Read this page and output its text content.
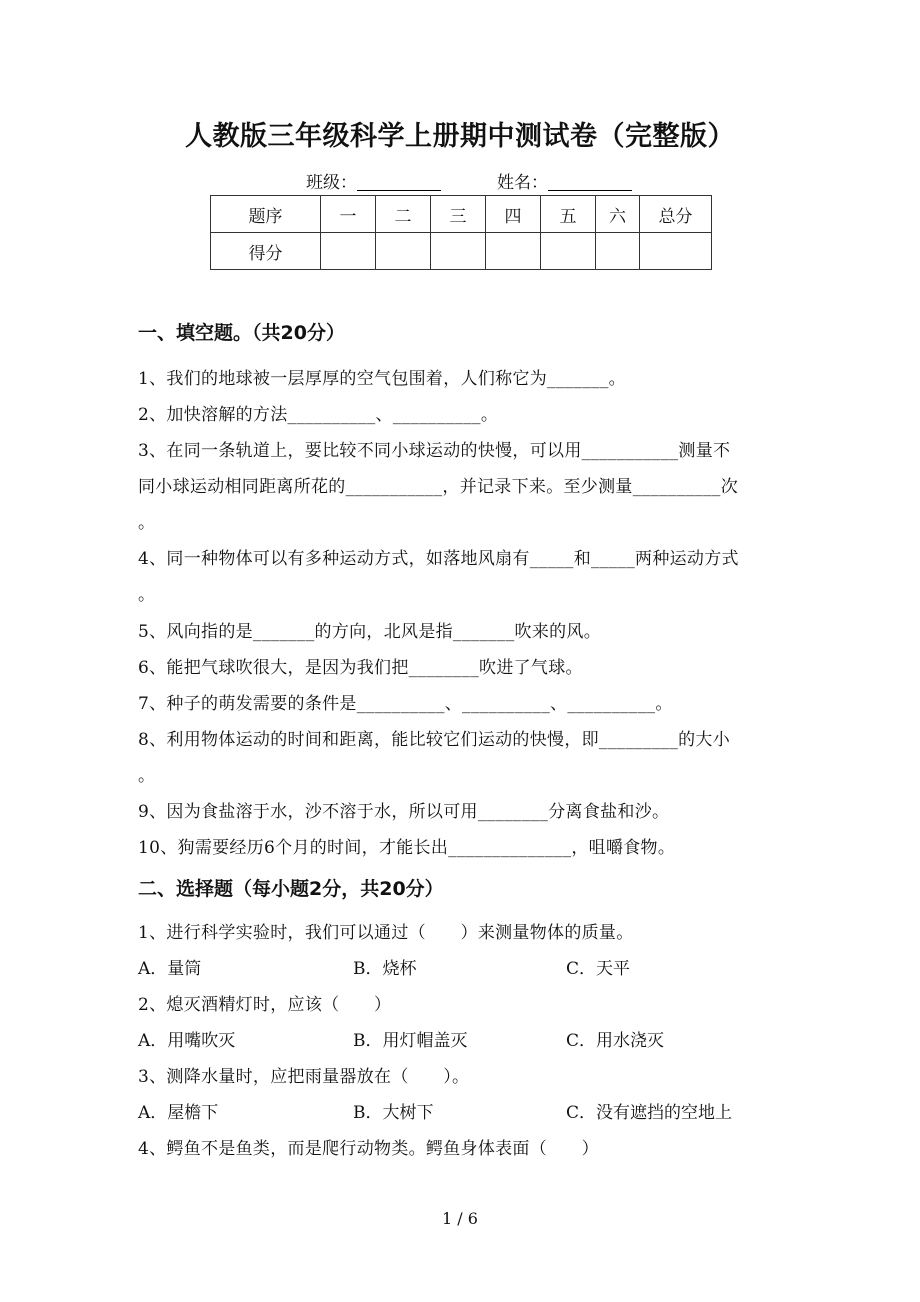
人教版三年级科学上册期中测试卷（完整版）
班级：	姓名：
题序	一	二	三	四	五	六	总分
得分							
一、填空题。（共20分）
1、我们的地球被一层厚厚的空气包围着，人们称它为_______。
2、加快溶解的方法__________、__________。
3、在同一条轨道上，要比较不同小球运动的快慢，可以用___________测量不
同小球运动相同距离所花的___________，并记录下来。至少测量__________次
。
4、同一种物体可以有多种运动方式，如落地风扇有_____和_____两种运动方式
。
5、风向指的是_______的方向，北风是指_______吹来的风。
6、能把气球吹很大，是因为我们把________吹进了气球。
7、种子的萌发需要的条件是__________、__________、__________。
8、利用物体运动的时间和距离，能比较它们运动的快慢，即_________的大小
。
9、因为食盐溶于水，沙不溶于水，所以可用________分离食盐和沙。
10、狗需要经历6个月的时间，才能长出______________，咀嚼食物。
二、选择题（每小题2分，共20分）
1、进行科学实验时，我们可以通过（　　）来测量物体的质量。
A．量筒	B．烧杯	C．天平
2、熄灭酒精灯时，应该（　　）
A．用嘴吹灭	B．用灯帽盖灭	C．用水浇灭
3、测降水量时，应把雨量器放在（　　）。
A．屋檐下	B．大树下	C．没有遮挡的空地上
4、鳄鱼不是鱼类，而是爬行动物类。鳄鱼身体表面（　　）
1 / 6
